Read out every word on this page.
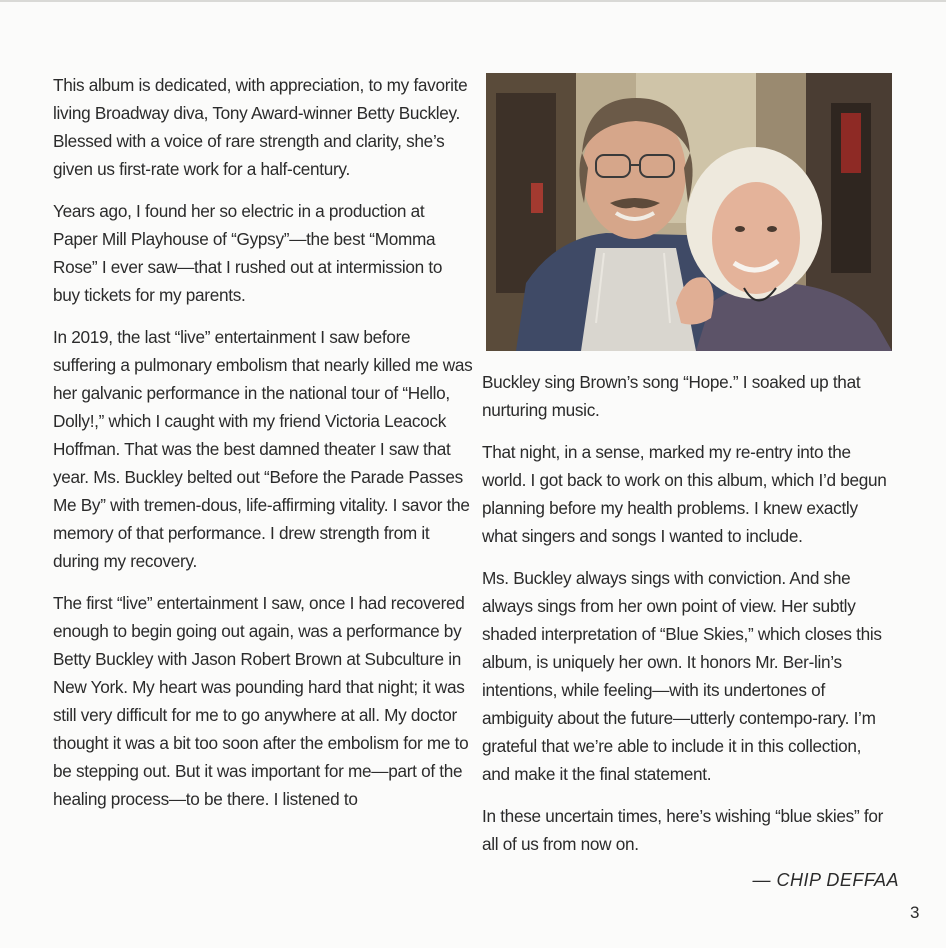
This album is dedicated, with appreciation, to my favorite living Broadway diva, Tony Award-winner Betty Buckley. Blessed with a voice of rare strength and clarity, she’s given us first-rate work for a half-century.

Years ago, I found her so electric in a production at Paper Mill Playhouse of “Gypsy”—the best “Momma Rose” I ever saw—that I rushed out at intermission to buy tickets for my parents.

In 2019, the last “live” entertainment I saw before suffering a pulmonary embolism that nearly killed me was her galvanic performance in the national tour of “Hello, Dolly!,” which I caught with my friend Victoria Leacock Hoffman. That was the best damned theater I saw that year. Ms. Buckley belted out “Before the Parade Passes Me By” with tremen-dous, life-affirming vitality. I savor the memory of that performance. I drew strength from it during my recovery.

The first “live” entertainment I saw, once I had recovered enough to begin going out again, was a performance by Betty Buckley with Jason Robert Brown at Subculture in New York. My heart was pounding hard that night; it was still very difficult for me to go anywhere at all. My doctor thought it was a bit too soon after the embolism for me to be stepping out. But it was important for me—part of the healing process—to be there. I listened to

Buckley sing Brown’s song “Hope.” I soaked up that nurturing music.

That night, in a sense, marked my re-entry into the world. I got back to work on this album, which I’d begun planning before my health problems. I knew exactly what singers and songs I wanted to include.

Ms. Buckley always sings with conviction. And she always sings from her own point of view. Her subtly shaded interpretation of “Blue Skies,” which closes this album, is uniquely her own. It honors Mr. Ber-lin’s intentions, while feeling—with its undertones of ambiguity about the future—utterly contempo-rary. I’m grateful that we’re able to include it in this collection, and make it the final statement.

In these uncertain times, here’s wishing “blue skies” for all of us from now on.

— CHIP DEFFAA
3
